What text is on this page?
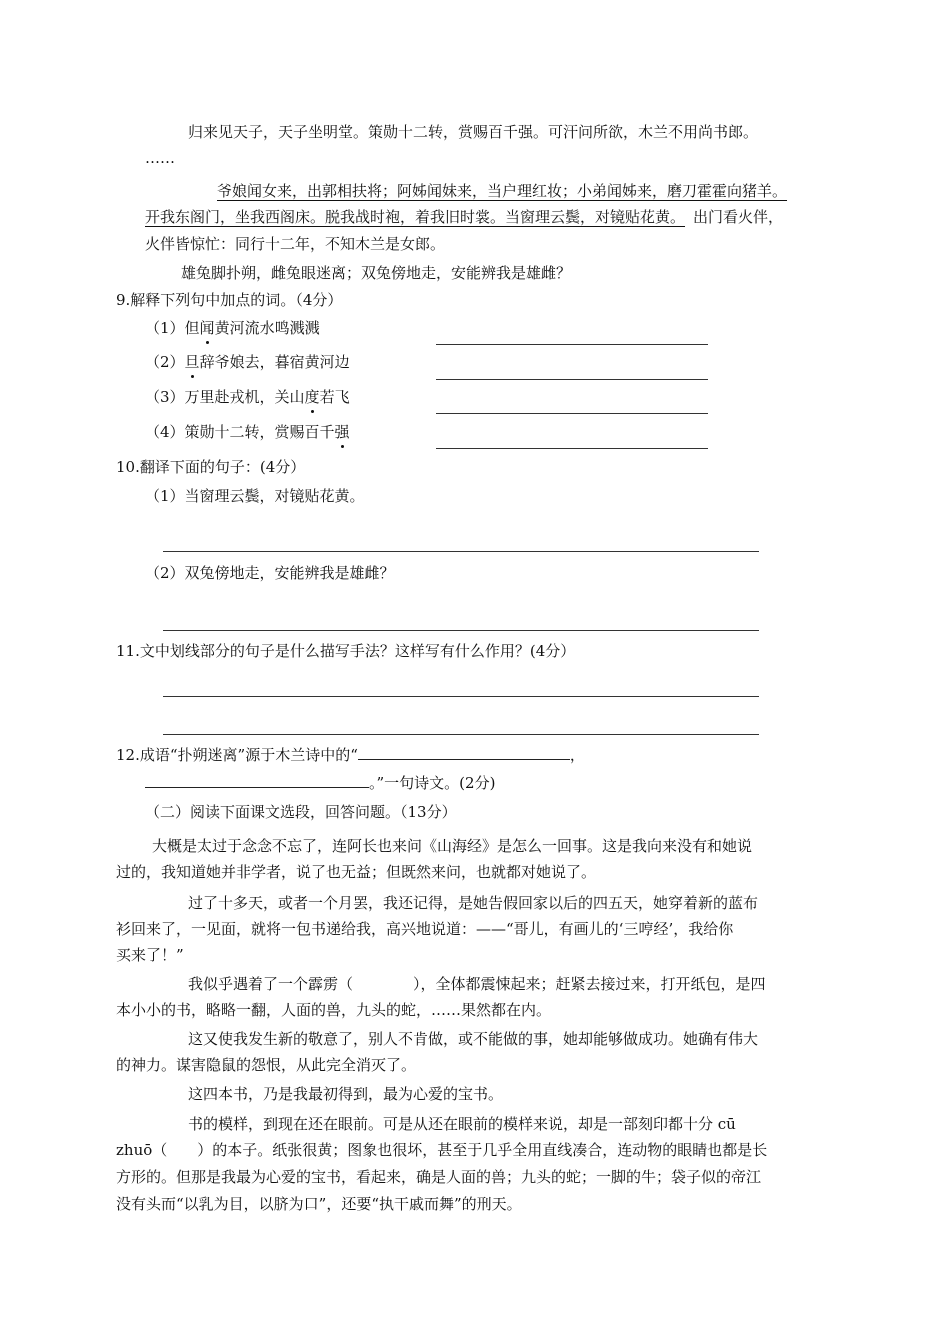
归来见天子，天子坐明堂。策勋十二转，赏赐百千强。可汗问所欲，木兰不用尚书郎。
……
爷娘闻女来，出郭相扶将；阿姊闻妹来，当户理红妆；小弟闻姊来，磨刀霍霍向猪羊。
开我东阁门，坐我西阁床。脱我战时袍，着我旧时裳。当窗理云鬓，对镜贴花黄。 出门看火伴，
火伴皆惊忙：同行十二年，不知木兰是女郎。
雄兔脚扑朔，雌兔眼迷离；双兔傍地走，安能辨我是雄雌？
9.解释下列句中加点的词。（4分）
（1）但闻黄河流水鸣溅溅
（2）旦辞爷娘去，暮宿黄河边
（3）万里赴戎机，关山度若飞
（4）策勋十二转，赏赐百千强
10.翻译下面的句子：(4分）
（1）当窗理云鬓，对镜贴花黄。
（2）双兔傍地走，安能辨我是雄雌？
11.文中划线部分的句子是什么描写手法？这样写有什么作用？(4分）
12.成语“扑朔迷离”源于木兰诗中的“	，
。”一句诗文。(2分)
（二）阅读下面课文选段，回答问题。（13分）
大概是太过于念念不忘了，连阿长也来问《山海经》是怎么一回事。这是我向来没有和她说
过的，我知道她并非学者，说了也无益；但既然来问，也就都对她说了。
过了十多天，或者一个月罢，我还记得，是她告假回家以后的四五天，她穿着新的蓝布
衫回来了，一见面，就将一包书递给我，高兴地说道：——“哥儿，有画儿的‘三哼经’，我给你
买来了！”
我似乎遇着了一个霹雳（　　　　），全体都震悚起来；赶紧去接过来，打开纸包，是四
本小小的书，略略一翻，人面的兽，九头的蛇，……果然都在内。
这又使我发生新的敬意了，别人不肯做，或不能做的事，她却能够做成功。她确有伟大
的神力。谋害隐鼠的怨恨，从此完全消灭了。
这四本书，乃是我最初得到，最为心爱的宝书。
书的模样，到现在还在眼前。可是从还在眼前的模样来说，却是一部刻印都十分 cū
zhuō（　　）的本子。纸张很黄；图象也很坏，甚至于几乎全用直线凑合，连动物的眼睛也都是长
方形的。但那是我最为心爱的宝书，看起来，确是人面的兽；九头的蛇；一脚的牛；袋子似的帝江
没有头而“以乳为目，以脐为口”，还要“执干戚而舞”的刑天。
